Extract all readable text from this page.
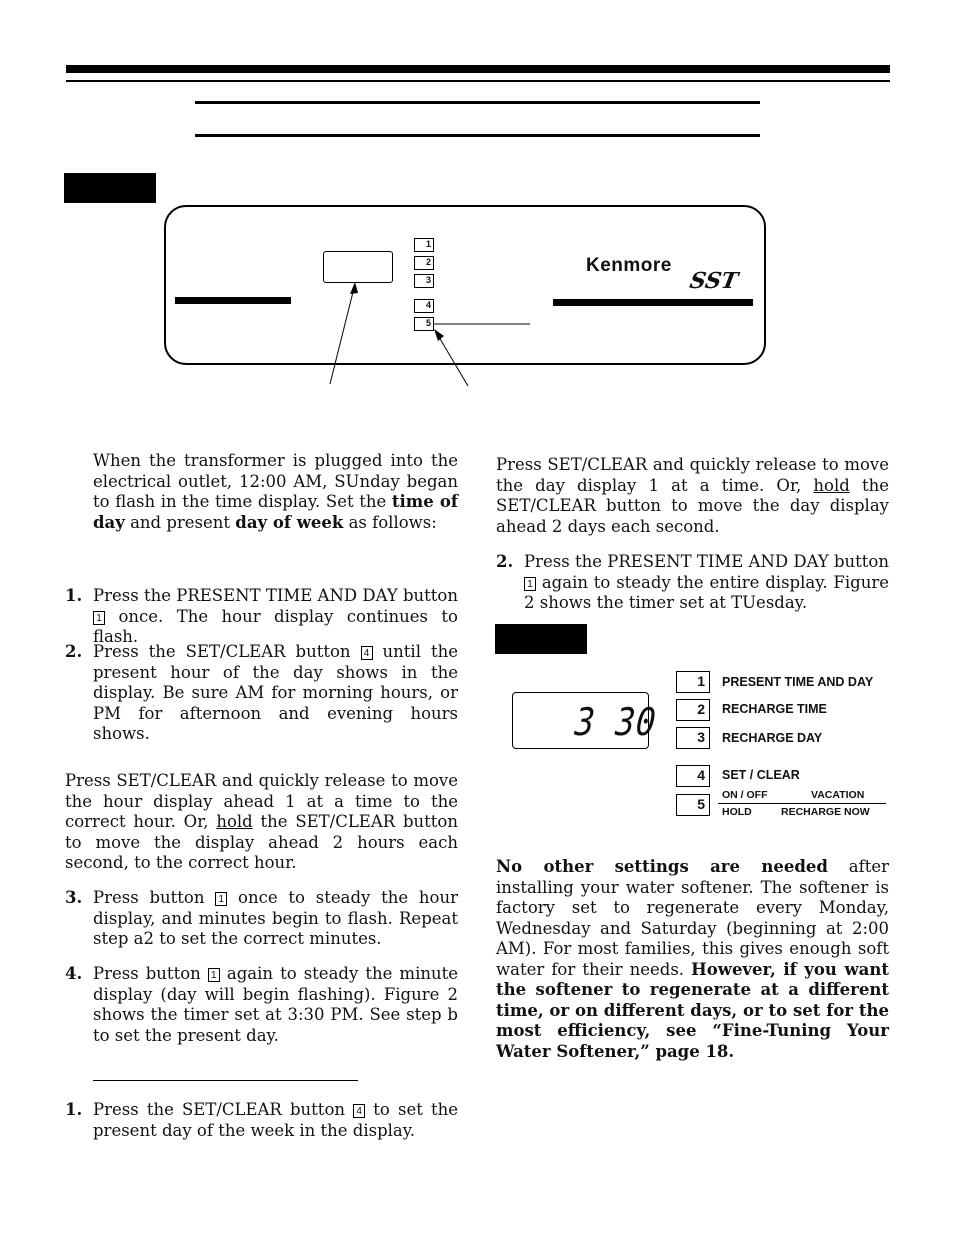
1
2
3
4
5
Kenmore
SST
When the transformer is plugged into the electrical outlet, 12:00 AM, SUnday began to flash in the time display. Set the time of day and present day of week as follows:
1. Press the PRESENT TIME AND DAY button 1 once. The hour display continues to flash.
2. Press the SET/CLEAR button 4 until the present hour of the day shows in the display. Be sure AM for morning hours, or PM for afternoon and evening hours shows.
Press SET/CLEAR and quickly release to move the hour display ahead 1 at a time to the correct hour. Or, hold the SET/CLEAR button to move the display ahead 2 hours each second, to the correct hour.
3. Press button 1 once to steady the hour display, and minutes begin to flash. Repeat step a2 to set the correct minutes.
4. Press button 1 again to steady the minute display (day will begin flashing). Figure 2 shows the timer set at 3:30 PM. See step b to set the present day.
1. Press the SET/CLEAR button 4 to set the present day of the week in the display.
Press SET/CLEAR and quickly release to move the day display 1 at a time. Or, hold the SET/CLEAR button to move the day display ahead 2 days each second.
2. Press the PRESENT TIME AND DAY button 1 again to steady the entire display. Figure 2 shows the timer set at TUesday.
3 30
1	PRESENT TIME AND DAY
2	RECHARGE TIME
3	RECHARGE DAY
4	SET / CLEAR
ON / OFF	VACATION
5	HOLD	RECHARGE NOW
No other settings are needed after installing your water softener. The softener is factory set to regenerate every Monday, Wednesday and Saturday (beginning at 2:00 AM). For most families, this gives enough soft water for their needs. However, if you want the softener to regenerate at a different time, or on different days, or to set for the most efficiency, see “Fine-Tuning Your Water Softener,” page 18.
